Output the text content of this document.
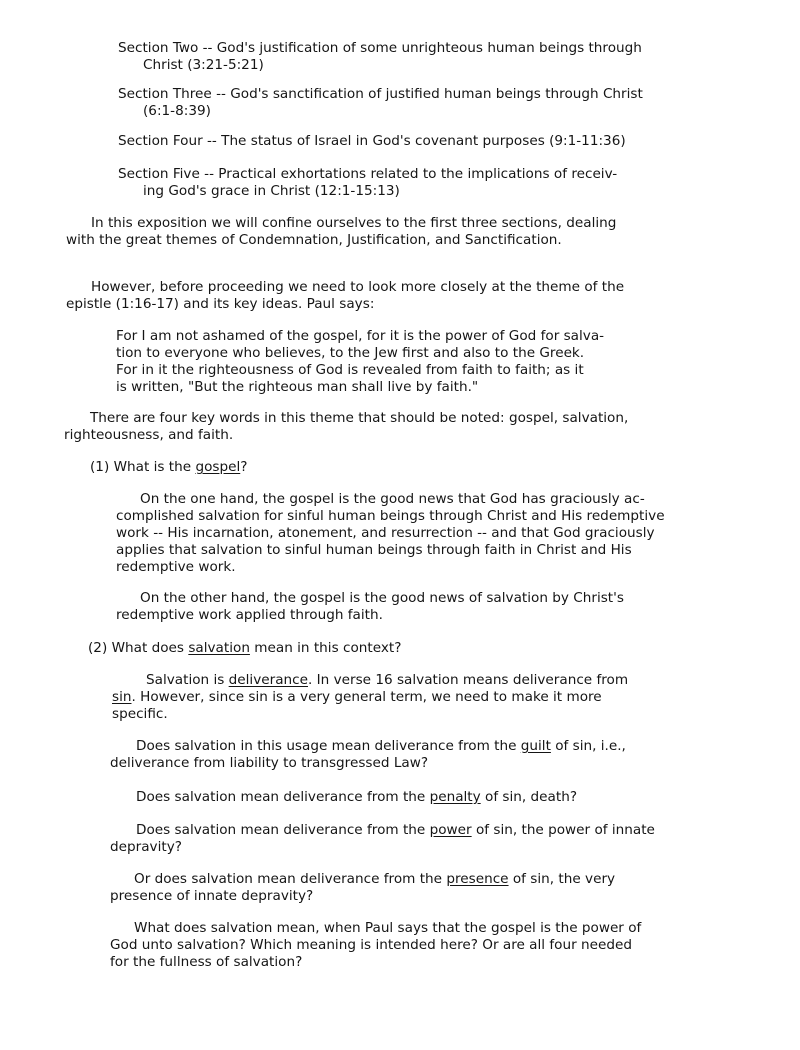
Section Two -- God's justification of some unrighteous human beings through
Christ (3:21-5:21)
Section Three -- God's sanctification of justified human beings through Christ
(6:1-8:39)
Section Four -- The status of Israel in God's covenant purposes (9:1-11:36)
Section Five -- Practical exhortations related to the implications of receiv-
ing God's grace in Christ (12:1-15:13)
In this exposition we will confine ourselves to the first three sections, dealing
with the great themes of Condemnation, Justification, and Sanctification.
However, before proceeding we need to look more closely at the theme of the
epistle (1:16-17) and its key ideas. Paul says:
For I am not ashamed of the gospel, for it is the power of God for salva-
tion to everyone who believes, to the Jew first and also to the Greek.
For in it the righteousness of God is revealed from faith to faith; as it
is written, "But the righteous man shall live by faith."
There are four key words in this theme that should be noted: gospel, salvation,
righteousness, and faith.
(1) What is the gospel?
On the one hand, the gospel is the good news that God has graciously ac-
complished salvation for sinful human beings through Christ and His redemptive
work -- His incarnation, atonement, and resurrection -- and that God graciously
applies that salvation to sinful human beings through faith in Christ and His
redemptive work.
On the other hand, the gospel is the good news of salvation by Christ's
redemptive work applied through faith.
(2) What does salvation mean in this context?
Salvation is deliverance. In verse 16 salvation means deliverance from
sin. However, since sin is a very general term, we need to make it more
specific.
Does salvation in this usage mean deliverance from the guilt of sin, i.e.,
deliverance from liability to transgressed Law?
Does salvation mean deliverance from the penalty of sin, death?
Does salvation mean deliverance from the power of sin, the power of innate
depravity?
Or does salvation mean deliverance from the presence of sin, the very
presence of innate depravity?
What does salvation mean, when Paul says that the gospel is the power of
God unto salvation? Which meaning is intended here? Or are all four needed
for the fullness of salvation?
